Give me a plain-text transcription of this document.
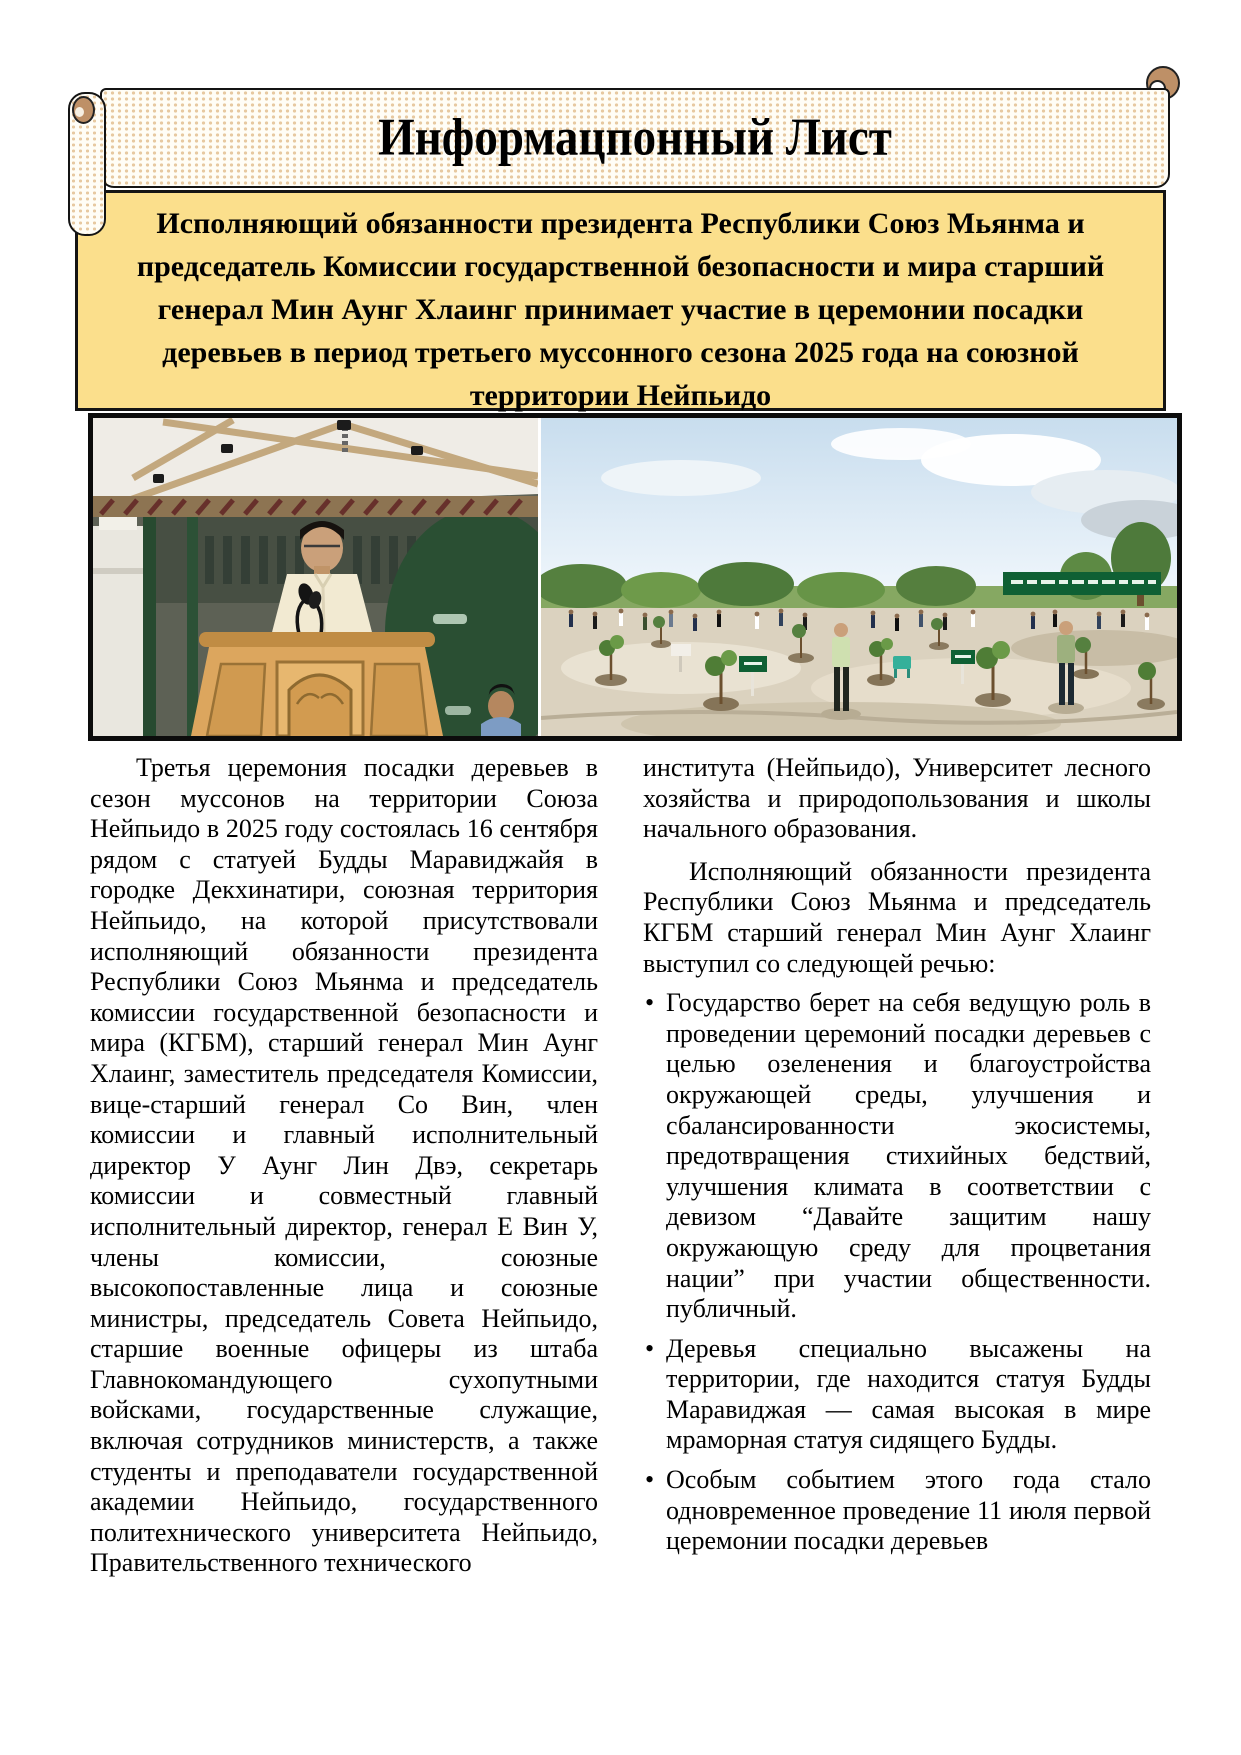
Информацпонный Лист
Исполняющий обязанности президента Республики Союз Мьянма и председатель Комиссии государственной безопасности и мира старший генерал Мин Аунг Хлаинг принимает участие в церемонии посадки деревьев в период третьего муссонного сезона 2025 года на союзной территории Нейпьидо

Третья церемония посадки деревьев в сезон муссонов на территории Союза Нейпьидо в 2025 году состоялась 16 сентября рядом с статуей Будды Маравиджайя в городке Декхинатири, союзная территория Нейпьидо, на которой присутствовали исполняющий обязанности президента Республики Союз Мьянма и председатель комиссии государственной безопасности и мира (КГБМ), старший генерал Мин Аунг Хлаинг, заместитель председателя Комиссии, вице-старший генерал Со Вин, член комиссии и главный исполнительный директор У Аунг Лин Двэ, секретарь комиссии и совместный главный исполнительный директор, генерал Е Вин У, члены комиссии, союзные высокопоставленные лица и союзные министры, председатель Совета Нейпьидо, старшие военные офицеры из штаба Главнокомандующего сухопутными войсками, государственные служащие, включая сотрудников министерств, а также студенты и преподаватели государственной академии Нейпьидо, государственного политехнического университета Нейпьидо, Правительственного технического

института (Нейпьидо), Университет лесного хозяйства и природопользования и школы начального образования.

Исполняющий обязанности президента Республики Союз Мьянма и председатель КГБМ старший генерал Мин Аунг Хлаинг выступил со следующей речью:

• Государство берет на себя ведущую роль в проведении церемоний посадки деревьев с целью озеленения и благоустройства окружающей среды, улучшения и сбалансированности экосистемы, предотвращения стихийных бедствий, улучшения климата в соответствии с девизом “Давайте защитим нашу окружающую среду для процветания нации” при участии общественности. публичный.
• Деревья специально высажены на территории, где находится статуя Будды Маравиджая — самая высокая в мире мраморная статуя сидящего Будды.
• Особым событием этого года стало одновременное проведение 11 июля первой церемонии посадки деревьев
